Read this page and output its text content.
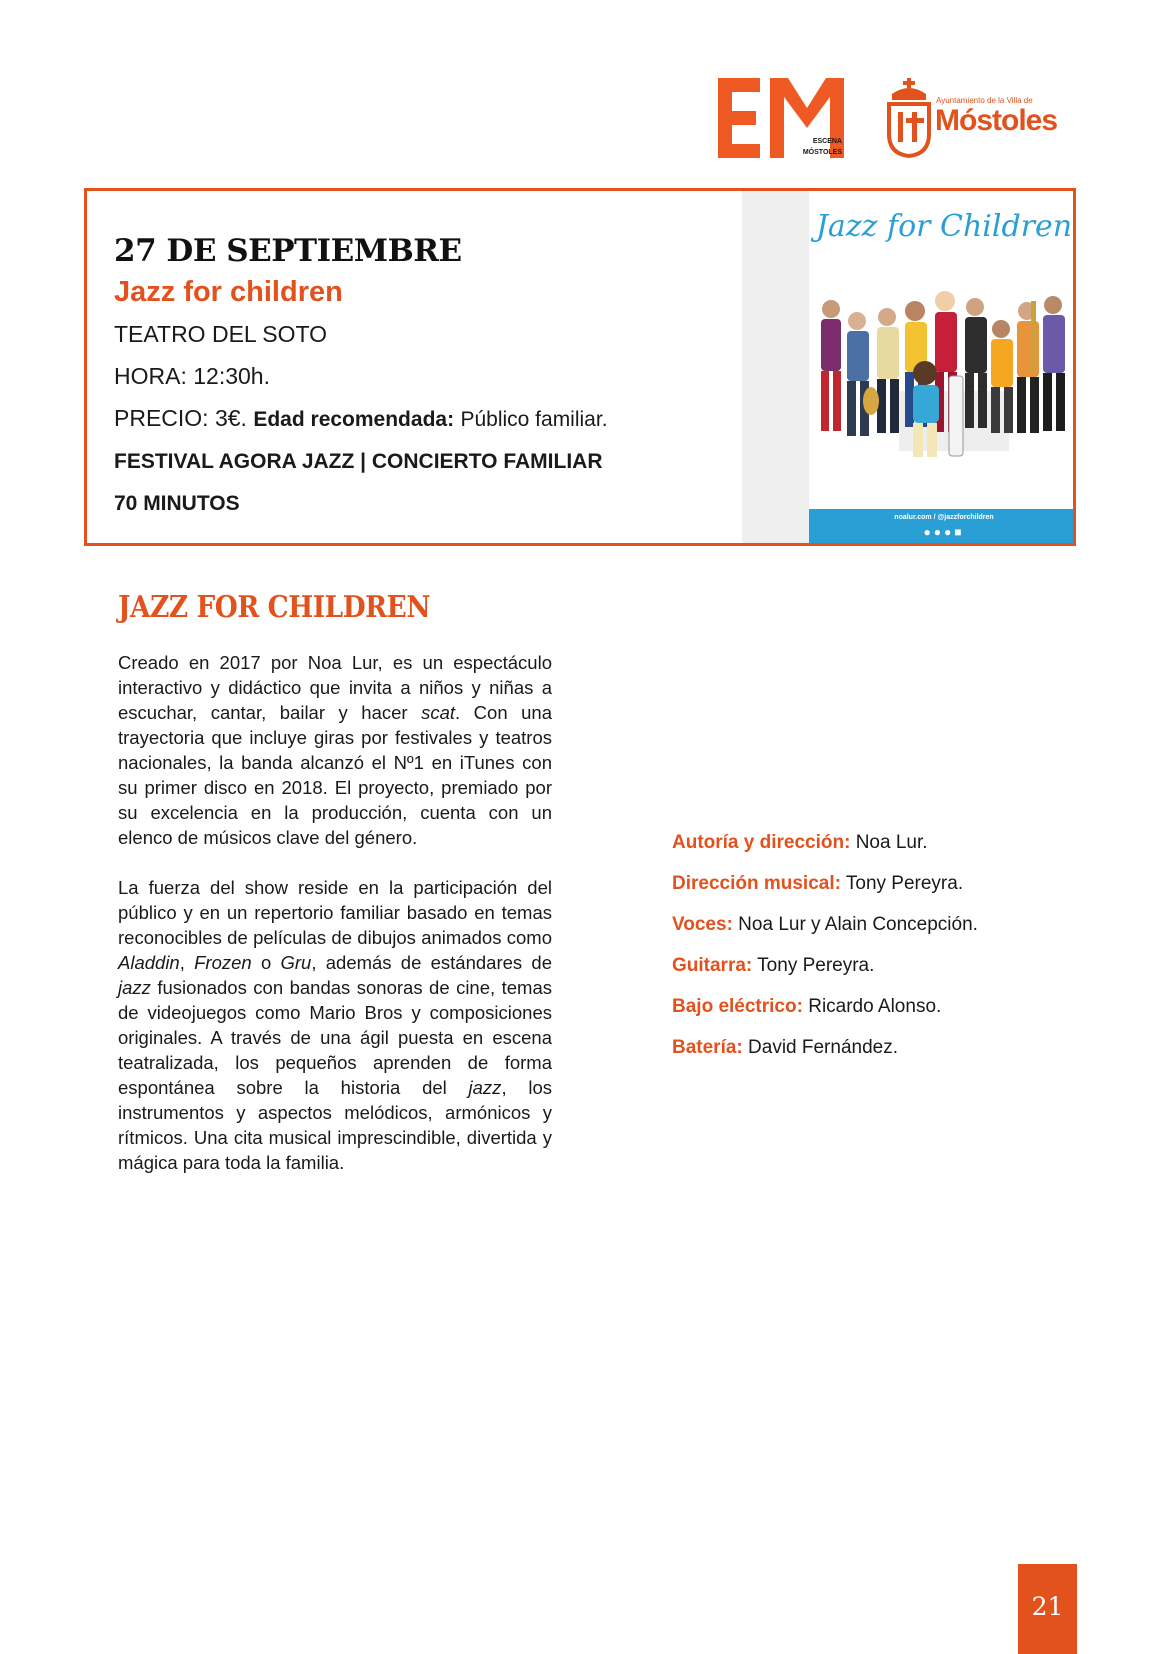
ESCENA
MÓSTOLES
Ayuntamiento de la Villa de
Móstoles

27 DE SEPTIEMBRE

Jazz for children

TEATRO DEL SOTO

HORA: 12:30h.

PRECIO: 3€. Edad recomendada: Público familiar.

FESTIVAL AGORA JAZZ | CONCIERTO FAMILIAR

70 MINUTOS

Jazz for Children
noalur.com / @jazzforchildren
●●●■
JAZZ FOR CHILDREN

Creado en 2017 por Noa Lur, es un espectáculo interactivo y didáctico que invita a niños y niñas a escuchar, cantar, bailar y hacer scat. Con una trayectoria que incluye giras por festivales y teatros nacionales, la banda alcanzó el Nº1 en iTunes con su primer disco en 2018. El proyecto, premiado por su excelencia en la producción, cuenta con un elenco de músicos clave del género.

La fuerza del show reside en la participación del público y en un repertorio familiar basado en temas reconocibles de películas de dibujos animados como Aladdin, Frozen o Gru, además de estándares de jazz fusionados con bandas sonoras de cine, temas de videojuegos como Mario Bros y composiciones originales. A través de una ágil puesta en escena teatralizada, los pequeños aprenden de forma espontánea sobre la historia del jazz, los instrumentos y aspectos melódicos, armónicos y rítmicos. Una cita musical imprescindible, divertida y mágica para toda la familia.

Autoría y dirección: Noa Lur.

Dirección musical: Tony Pereyra.

Voces: Noa Lur y Alain Concepción.

Guitarra: Tony Pereyra.

Bajo eléctrico: Ricardo Alonso.

Batería: David Fernández.

21
